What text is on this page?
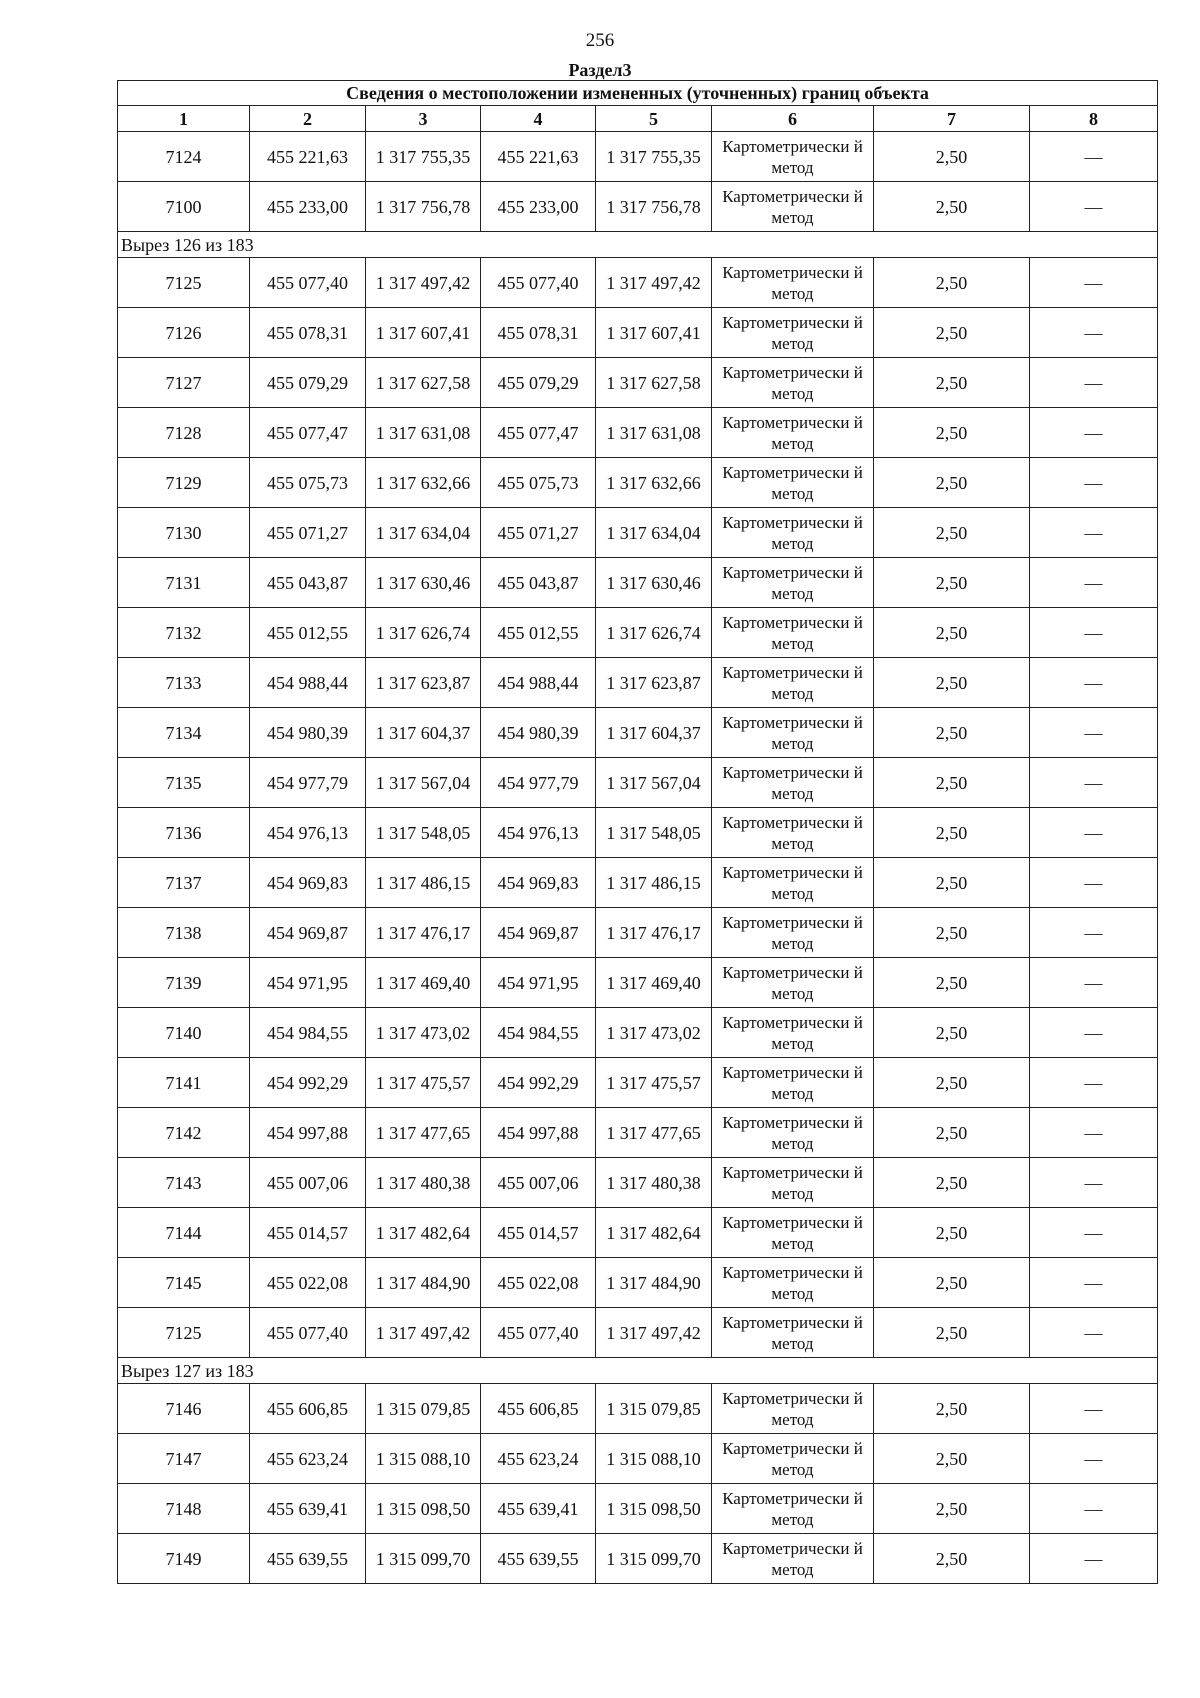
256
Раздел3
Сведения о местоположении измененных (уточненных) границ объекта							
1	2	3	4	5	6	7	8
7124	455 221,63	1 317 755,35	455 221,63	1 317 755,35	Картометрически й метод	2,50	—
7100	455 233,00	1 317 756,78	455 233,00	1 317 756,78	Картометрически й метод	2,50	—
Вырез 126 из 183							
7125	455 077,40	1 317 497,42	455 077,40	1 317 497,42	Картометрически й метод	2,50	—
7126	455 078,31	1 317 607,41	455 078,31	1 317 607,41	Картометрически й метод	2,50	—
7127	455 079,29	1 317 627,58	455 079,29	1 317 627,58	Картометрически й метод	2,50	—
7128	455 077,47	1 317 631,08	455 077,47	1 317 631,08	Картометрически й метод	2,50	—
7129	455 075,73	1 317 632,66	455 075,73	1 317 632,66	Картометрически й метод	2,50	—
7130	455 071,27	1 317 634,04	455 071,27	1 317 634,04	Картометрически й метод	2,50	—
7131	455 043,87	1 317 630,46	455 043,87	1 317 630,46	Картометрически й метод	2,50	—
7132	455 012,55	1 317 626,74	455 012,55	1 317 626,74	Картометрически й метод	2,50	—
7133	454 988,44	1 317 623,87	454 988,44	1 317 623,87	Картометрически й метод	2,50	—
7134	454 980,39	1 317 604,37	454 980,39	1 317 604,37	Картометрически й метод	2,50	—
7135	454 977,79	1 317 567,04	454 977,79	1 317 567,04	Картометрически й метод	2,50	—
7136	454 976,13	1 317 548,05	454 976,13	1 317 548,05	Картометрически й метод	2,50	—
7137	454 969,83	1 317 486,15	454 969,83	1 317 486,15	Картометрически й метод	2,50	—
7138	454 969,87	1 317 476,17	454 969,87	1 317 476,17	Картометрически й метод	2,50	—
7139	454 971,95	1 317 469,40	454 971,95	1 317 469,40	Картометрически й метод	2,50	—
7140	454 984,55	1 317 473,02	454 984,55	1 317 473,02	Картометрически й метод	2,50	—
7141	454 992,29	1 317 475,57	454 992,29	1 317 475,57	Картометрически й метод	2,50	—
7142	454 997,88	1 317 477,65	454 997,88	1 317 477,65	Картометрически й метод	2,50	—
7143	455 007,06	1 317 480,38	455 007,06	1 317 480,38	Картометрически й метод	2,50	—
7144	455 014,57	1 317 482,64	455 014,57	1 317 482,64	Картометрически й метод	2,50	—
7145	455 022,08	1 317 484,90	455 022,08	1 317 484,90	Картометрически й метод	2,50	—
7125	455 077,40	1 317 497,42	455 077,40	1 317 497,42	Картометрически й метод	2,50	—
Вырез 127 из 183							
7146	455 606,85	1 315 079,85	455 606,85	1 315 079,85	Картометрически й метод	2,50	—
7147	455 623,24	1 315 088,10	455 623,24	1 315 088,10	Картометрически й метод	2,50	—
7148	455 639,41	1 315 098,50	455 639,41	1 315 098,50	Картометрически й метод	2,50	—
7149	455 639,55	1 315 099,70	455 639,55	1 315 099,70	Картометрически й метод	2,50	—
